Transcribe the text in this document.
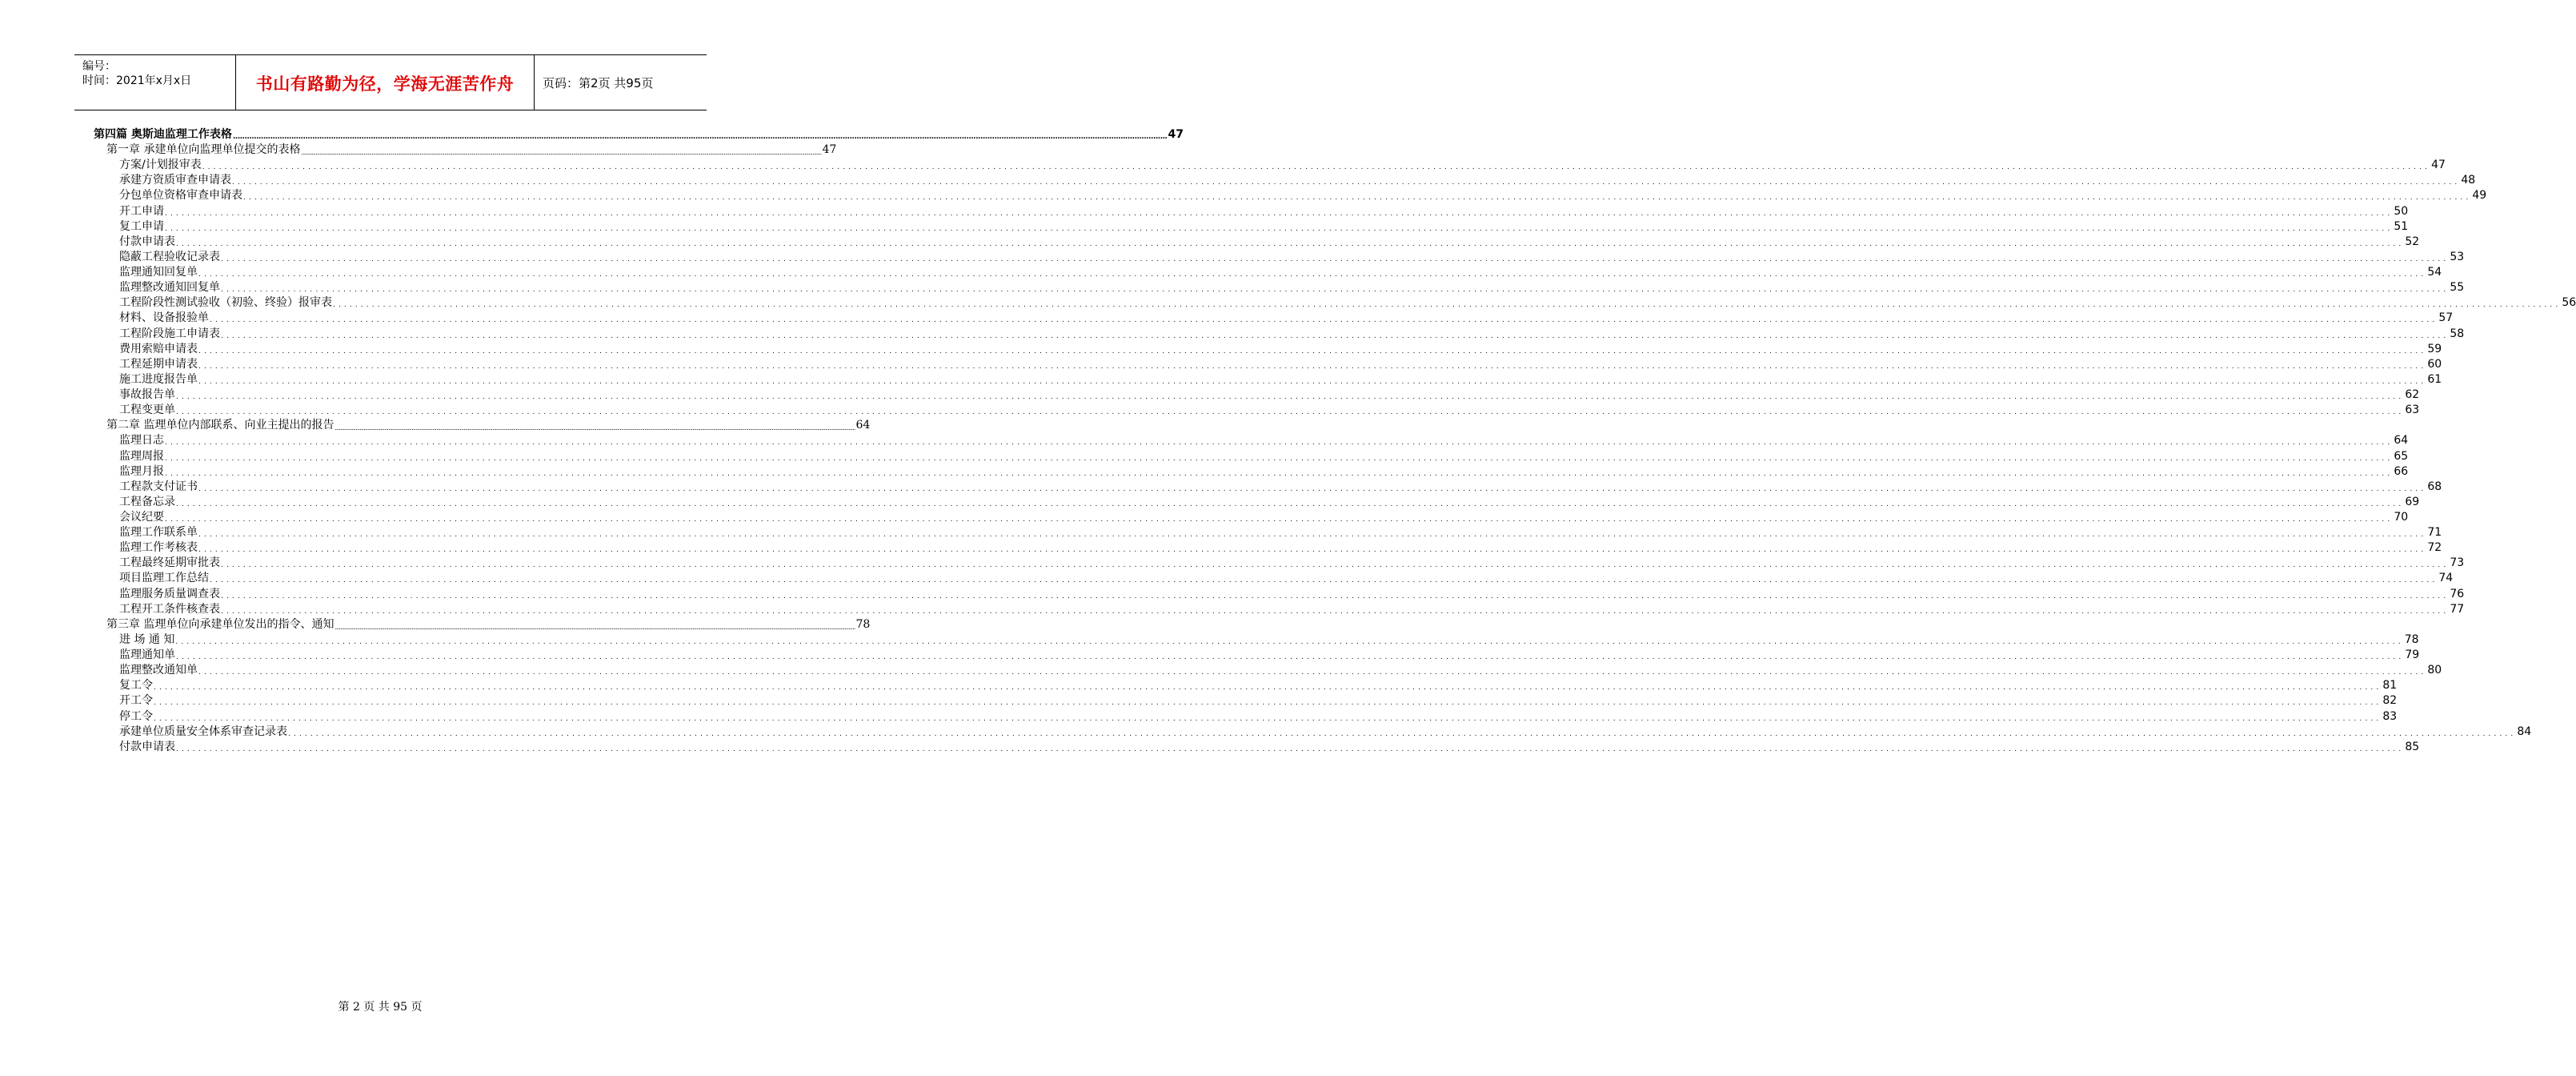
编号：
时间：2021年x月x日	书山有路勤为径，学海无涯苦作舟	页码：第2页 共95页
第四篇 奥斯迪监理工作表格 ................................................................................................................................................................................................................................................................................................................................................................................................................ 47
第一章 承建单位向监理单位提交的表格 ................................................................................................................................................................................................................................................................................................................................................................................................................ 47
方案/计划报审表 ................................................................................................................................................................................................................................................................................................................................................................................................................ 47
承建方资质审查申请表 ................................................................................................................................................................................................................................................................................................................................................................................................................ 48
分包单位资格审查申请表 ................................................................................................................................................................................................................................................................................................................................................................................................................ 49
开工申请 ................................................................................................................................................................................................................................................................................................................................................................................................................ 50
复工申请 ................................................................................................................................................................................................................................................................................................................................................................................................................ 51
付款申请表 ................................................................................................................................................................................................................................................................................................................................................................................................................ 52
隐蔽工程验收记录表 ................................................................................................................................................................................................................................................................................................................................................................................................................ 53
监理通知回复单 ................................................................................................................................................................................................................................................................................................................................................................................................................ 54
监理整改通知回复单 ................................................................................................................................................................................................................................................................................................................................................................................................................ 55
工程阶段性测试验收（初验、终验）报审表 ................................................................................................................................................................................................................................................................................................................................................................................................................ 56
材料、设备报验单 ................................................................................................................................................................................................................................................................................................................................................................................................................ 57
工程阶段施工申请表 ................................................................................................................................................................................................................................................................................................................................................................................................................ 58
费用索赔申请表 ................................................................................................................................................................................................................................................................................................................................................................................................................ 59
工程延期申请表 ................................................................................................................................................................................................................................................................................................................................................................................................................ 60
施工进度报告单 ................................................................................................................................................................................................................................................................................................................................................................................................................ 61
事故报告单 ................................................................................................................................................................................................................................................................................................................................................................................................................ 62
工程变更单 ................................................................................................................................................................................................................................................................................................................................................................................................................ 63
第二章 监理单位内部联系、向业主提出的报告 ................................................................................................................................................................................................................................................................................................................................................................................................................ 64
监理日志 ................................................................................................................................................................................................................................................................................................................................................................................................................ 64
监理周报 ................................................................................................................................................................................................................................................................................................................................................................................................................ 65
监理月报 ................................................................................................................................................................................................................................................................................................................................................................................................................ 66
工程款支付证书 ................................................................................................................................................................................................................................................................................................................................................................................................................ 68
工程备忘录 ................................................................................................................................................................................................................................................................................................................................................................................................................ 69
会议纪要 ................................................................................................................................................................................................................................................................................................................................................................................................................ 70
监理工作联系单 ................................................................................................................................................................................................................................................................................................................................................................................................................ 71
监理工作考核表 ................................................................................................................................................................................................................................................................................................................................................................................................................ 72
工程最终延期审批表 ................................................................................................................................................................................................................................................................................................................................................................................................................ 73
项目监理工作总结 ................................................................................................................................................................................................................................................................................................................................................................................................................ 74
监理服务质量调查表 ................................................................................................................................................................................................................................................................................................................................................................................................................ 76
工程开工条件核查表 ................................................................................................................................................................................................................................................................................................................................................................................................................ 77
第三章 监理单位向承建单位发出的指令、通知 ................................................................................................................................................................................................................................................................................................................................................................................................................ 78
进 场 通 知 ................................................................................................................................................................................................................................................................................................................................................................................................................ 78
监理通知单 ................................................................................................................................................................................................................................................................................................................................................................................................................ 79
监理整改通知单 ................................................................................................................................................................................................................................................................................................................................................................................................................ 80
复工令 ................................................................................................................................................................................................................................................................................................................................................................................................................ 81
开工令 ................................................................................................................................................................................................................................................................................................................................................................................................................ 82
停工令 ................................................................................................................................................................................................................................................................................................................................................................................................................ 83
承建单位质量安全体系审查记录表 ................................................................................................................................................................................................................................................................................................................................................................................................................ 84
付款申请表 ................................................................................................................................................................................................................................................................................................................................................................................................................ 85
第 2 页 共 95 页
